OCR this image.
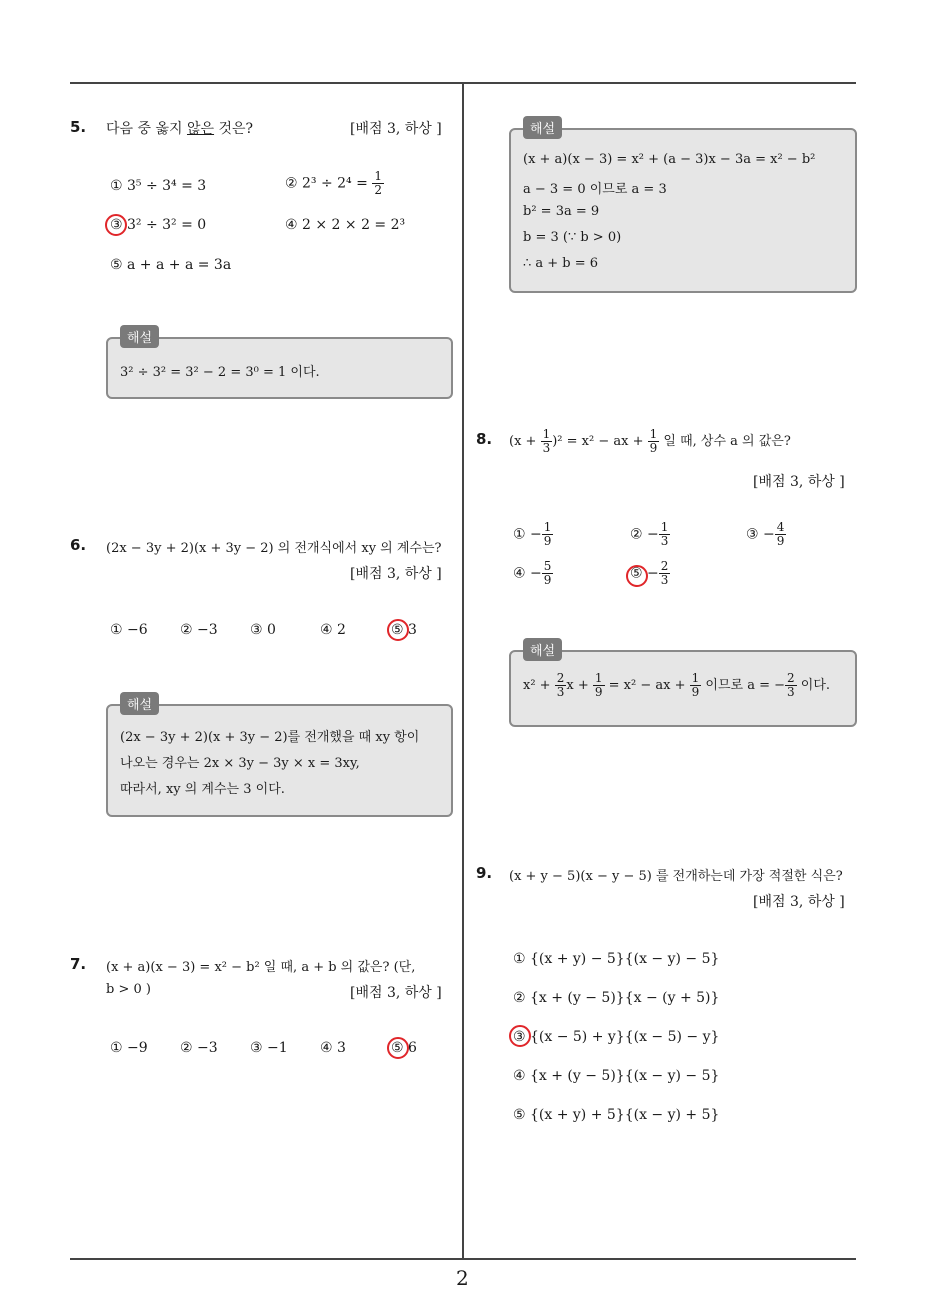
2
5. 다음 중 옳지 않은 것은?	[배점 3, 하상 ]
① 3⁵ ÷ 3⁴ = 3	② $2^3 \div 2^4 = \frac{1}{2}$
③ 3² ÷ 3² = 0	④ 2 × 2 × 2 = 2³
⑤ a + a + a = 3a
3² ÷ 3² = 3² − 2 = 3⁰ = 1 이다.
해설
6. (2x − 3y + 2)(x + 3y − 2) 의 전개식에서 xy 의 계수는?
[배점 3, 하상 ]
① −6 ② −3 ③ 0	④ 2	⑤ 3
(2x − 3y + 2)(x + 3y − 2)를 전개했을 때 xy 항이
나오는 경우는 2x × 3y − 3y × x = 3xy,
따라서, xy 의 계수는 3 이다.
해설
7. (x + a)(x − 3) = x² − b² 일 때, a + b 의 값은? (단,
b > 0 )	[배점 3, 하상 ]
① −9 ② −3 ③ −1 ④ 3	⑤ 6
(x + a)(x − 3) = x² + (a − 3)x − 3a = x² − b²
a − 3 = 0 이므로 a = 3
b² = 3a = 9
b = 3 (∵ b > 0)
∴ a + b = 6
해설
8. $(x + \frac{1}{3} )^2 = x^2$ − ax + $\frac{1}{9}$ 일 때, 상수 a 의 값은?
[배점 3, 하상 ]
① − $\frac{1}{9}$	② − $\frac{1}{3}$	③ − $\frac{4}{9}$
④ − $\frac{5}{9}$	⑤ − $\frac{2}{3}$
$x^2 + \frac{2}{3}$ $x + \frac{1}{9} = x^2$ − ax + $\frac{1}{9}$ 이므로 a = − $\frac{2}{3}$ 이다.
해설
9. (x + y − 5)(x − y − 5) 를 전개하는데 가장 적절한 식은?
[배점 3, 하상 ]
① {(x + y) − 5}{(x − y) − 5}
② {x + (y − 5)}{x − (y + 5)}
③ {(x − 5) + y}{(x − 5) − y}
④ {x + (y − 5)}{(x − y) − 5}
⑤ {(x + y) + 5}{(x − y) + 5}
